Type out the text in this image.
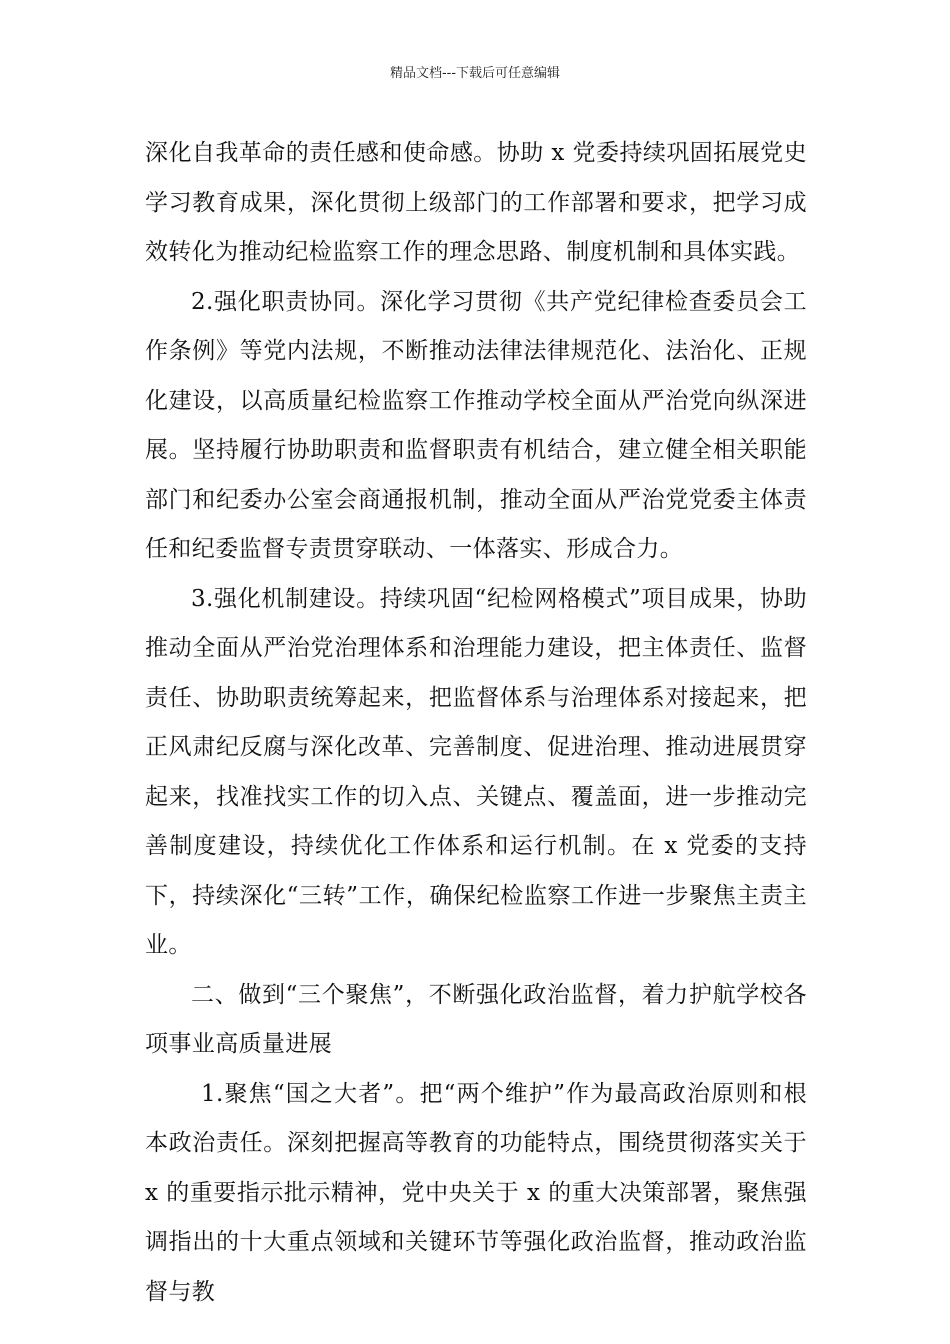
精品文档---下载后可任意编辑

深化自我革命的责任感和使命感。协助 x 党委持续巩固拓展党史学习教育成果，深化贯彻上级部门的工作部署和要求，把学习成效转化为推动纪检监察工作的理念思路、制度机制和具体实践。

2.强化职责协同。深化学习贯彻《共产党纪律检查委员会工作条例》等党内法规，不断推动法律法律规范化、法治化、正规化建设，以高质量纪检监察工作推动学校全面从严治党向纵深进展。坚持履行协助职责和监督职责有机结合，建立健全相关职能部门和纪委办公室会商通报机制，推动全面从严治党党委主体责任和纪委监督专责贯穿联动、一体落实、形成合力。

3.强化机制建设。持续巩固“纪检网格模式”项目成果，协助推动全面从严治党治理体系和治理能力建设，把主体责任、监督责任、协助职责统筹起来，把监督体系与治理体系对接起来，把正风肃纪反腐与深化改革、完善制度、促进治理、推动进展贯穿起来，找准找实工作的切入点、关键点、覆盖面，进一步推动完善制度建设，持续优化工作体系和运行机制。在 x 党委的支持下，持续深化“三转”工作，确保纪检监察工作进一步聚焦主责主业。

二、做到“三个聚焦”，不断强化政治监督，着力护航学校各项事业高质量进展

1.聚焦“国之大者”。把“两个维护”作为最高政治原则和根本政治责任。深刻把握高等教育的功能特点，围绕贯彻落实关于 x 的重要指示批示精神，党中央关于 x 的重大决策部署，聚焦强调指出的十大重点领域和关键环节等强化政治监督，推动政治监督与教
